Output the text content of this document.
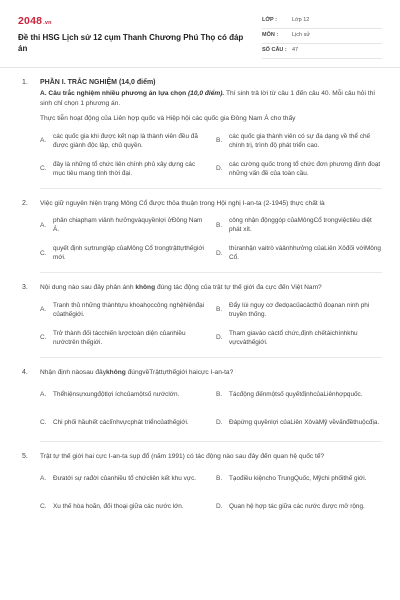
2048.vn
Đề thi HSG Lịch sử 12 cụm Thanh Chương Phú Thọ có đáp án
LỚP :	Lớp 12
MÔN :	Lịch sử
SỐ CÂU : 47
1.	PHẦN I. TRẮC NGHIỆM (14,0 điểm)
A. Câu trắc nghiệm nhiều phương án lựa chọn (10,0 điểm). Thí sinh trả lời từ câu 1 đến câu 40. Mỗi câu hỏi thí sinh chỉ chọn 1 phương án.
Thực tiễn hoạt động của Liên hợp quốc và Hiệp hội các quốc gia Đông Nam Á cho thấy
A.
các quốc gia khi được kết nạp là thành viên đều đã được giành độc lập, chủ quyền.
B.
các quốc gia thành viên có sự đa dạng về thể chế chính trị, trình độ phát triển cao.
C.
đây là những tổ chức liên chính phủ xây dựng các mục tiêu mang tính thời đại.
D.
các cường quốc trong tổ chức đơn phương định đoạt những vấn đề của toàn cầu.
2.	Việc giữ nguyên hiện trạng Mông Cổ được thỏa thuận trong Hội nghị I-an-ta (2-1945) thực chất là
A.
phân chiaphạm viảnh hưởngvàquyềnlợi ởĐông Nam Á.
B.
công nhận độnggóp củaMôngCổ trongviệctiêu diệt phát xít.
C.
quyết định sựtrunglập củaMông Cổ trongtrậttựthếgiới mới.
D.
thừanhận vaitrò vàảnhhưởng củaLiên Xôđối vớiMông Cổ.
3.	Nội dung nào sau đây phản ánh không đúng tác động của trật tự thế giới đa cực đến Việt Nam?
A.
Tranh thủ những thànhtựu khoahọccông nghệhiệnđại củathếgiới.
B.
Đẩy lùi nguy cơ đedọacủacácthủ đoạnan ninh phi truyền thống.
C.
Trở thành đối tácchiến lượctoàn diện củanhiều nướctrên thếgiới.
D.
Tham giavào cáctổ chức,định chếtàichínhkhu vựcvàthếgiới.
4.	Nhận định nàosau đâykhông đúngvềTrậttựthếgiới haicực I-an-ta?
A.	Thểhiệnsựxungđộtlợi íchcủamộtsố nướclớn.	B.	Tácđộng đếnmộtsố quyếtđịnhcủaLiênhợpquốc.
C.	Chi phối hầuhết cáclĩnhvựcphát triểncủathếgiới.	D.	Đápứng quyềnlợi củaLiên XôvàMỹ vềvấnđềthuộcđịa.
5.	Trật tự thế giới hai cực I-an-ta sụp đổ (năm 1991) có tác động nào sau đây đến quan hệ quốc tế?
A.	Đưatới sự rađời củanhiều tổ chứcliên kết khu vực.	B.	Tạođiều kiệncho TrungQuốc, Mỹchi phốithế giới.
C.	Xu thế hòa hoãn, đối thoại giữa các nước lớn.	D.	Quan hệ hợp tác giữa các nước được mở rộng.
